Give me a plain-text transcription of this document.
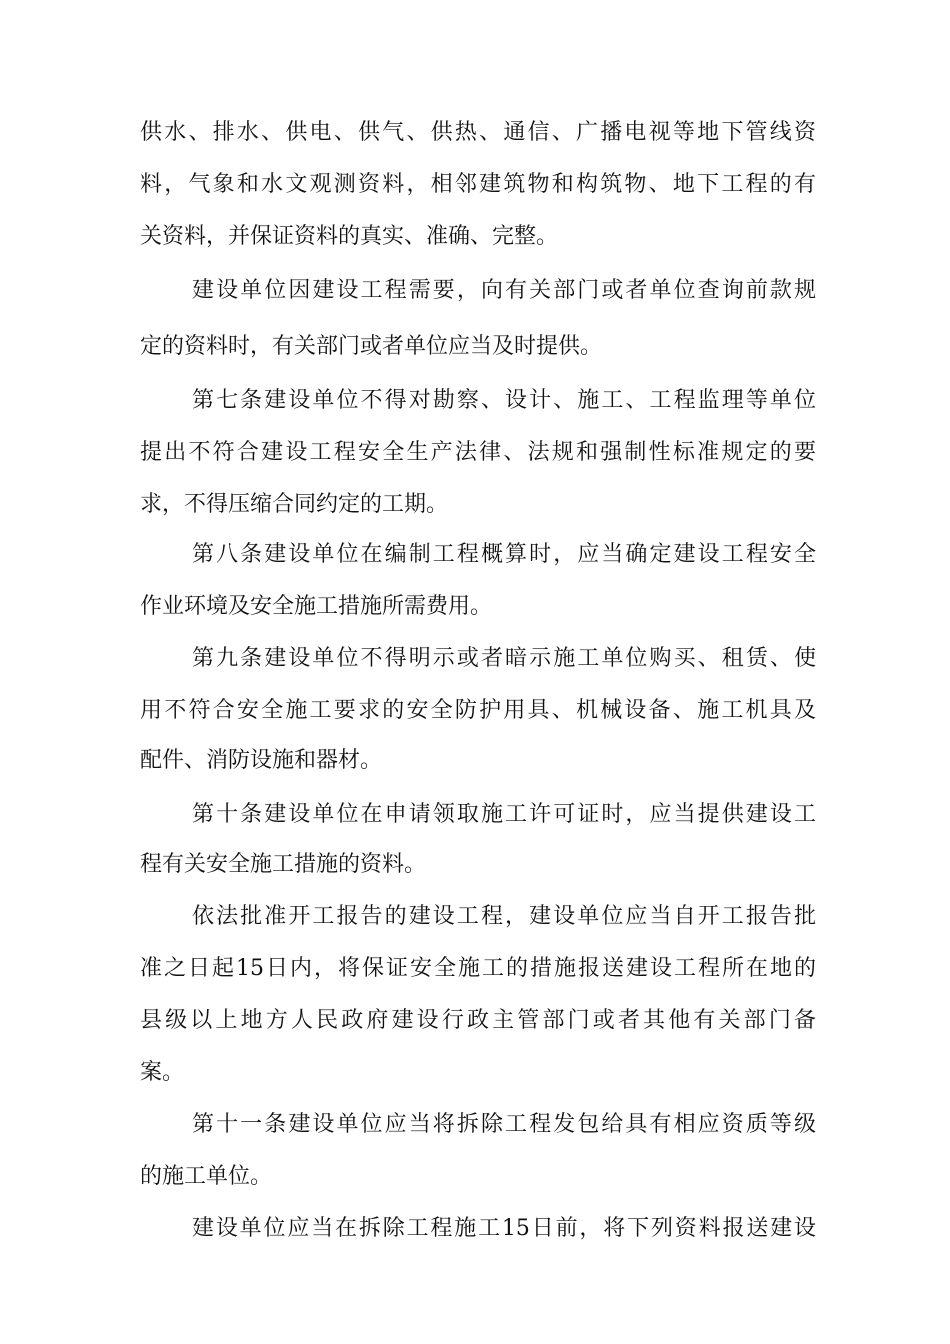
供水、排水、供电、供气、供热、通信、广播电视等地下管线资
料，气象和水文观测资料，相邻建筑物和构筑物、地下工程的有
关资料，并保证资料的真实、准确、完整。
建设单位因建设工程需要，向有关部门或者单位查询前款规
定的资料时，有关部门或者单位应当及时提供。
第七条建设单位不得对勘察、设计、施工、工程监理等单位
提出不符合建设工程安全生产法律、法规和强制性标准规定的要
求，不得压缩合同约定的工期。
第八条建设单位在编制工程概算时，应当确定建设工程安全
作业环境及安全施工措施所需费用。
第九条建设单位不得明示或者暗示施工单位购买、租赁、使
用不符合安全施工要求的安全防护用具、机械设备、施工机具及
配件、消防设施和器材。
第十条建设单位在申请领取施工许可证时，应当提供建设工
程有关安全施工措施的资料。
依法批准开工报告的建设工程，建设单位应当自开工报告批
准之日起15日内，将保证安全施工的措施报送建设工程所在地的
县级以上地方人民政府建设行政主管部门或者其他有关部门备
案。
第十一条建设单位应当将拆除工程发包给具有相应资质等级
的施工单位。
建设单位应当在拆除工程施工15日前，将下列资料报送建设
